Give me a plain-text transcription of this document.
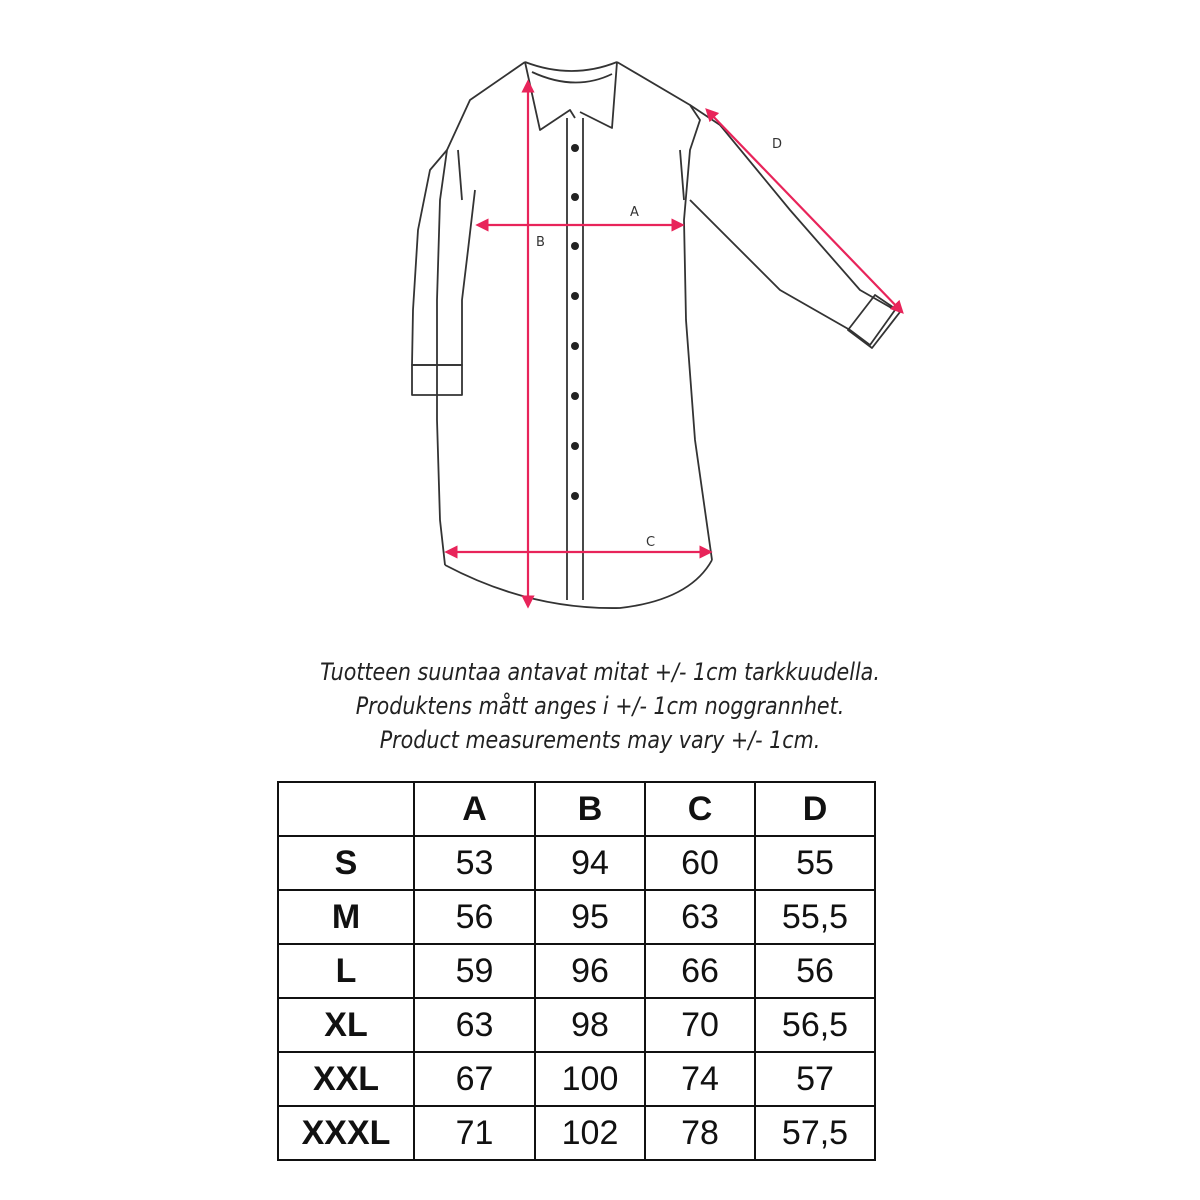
A
B
C
D
Tuotteen suuntaa antavat mitat +/- 1cm tarkkuudella.
Produktens mått anges i +/- 1cm noggrannhet.
Product measurements may vary +/- 1cm.
	A	B	C	D
S	53	94	60	55
M	56	95	63	55,5
L	59	96	66	56
XL	63	98	70	56,5
XXL	67	100	74	57
XXXL	71	102	78	57,5
